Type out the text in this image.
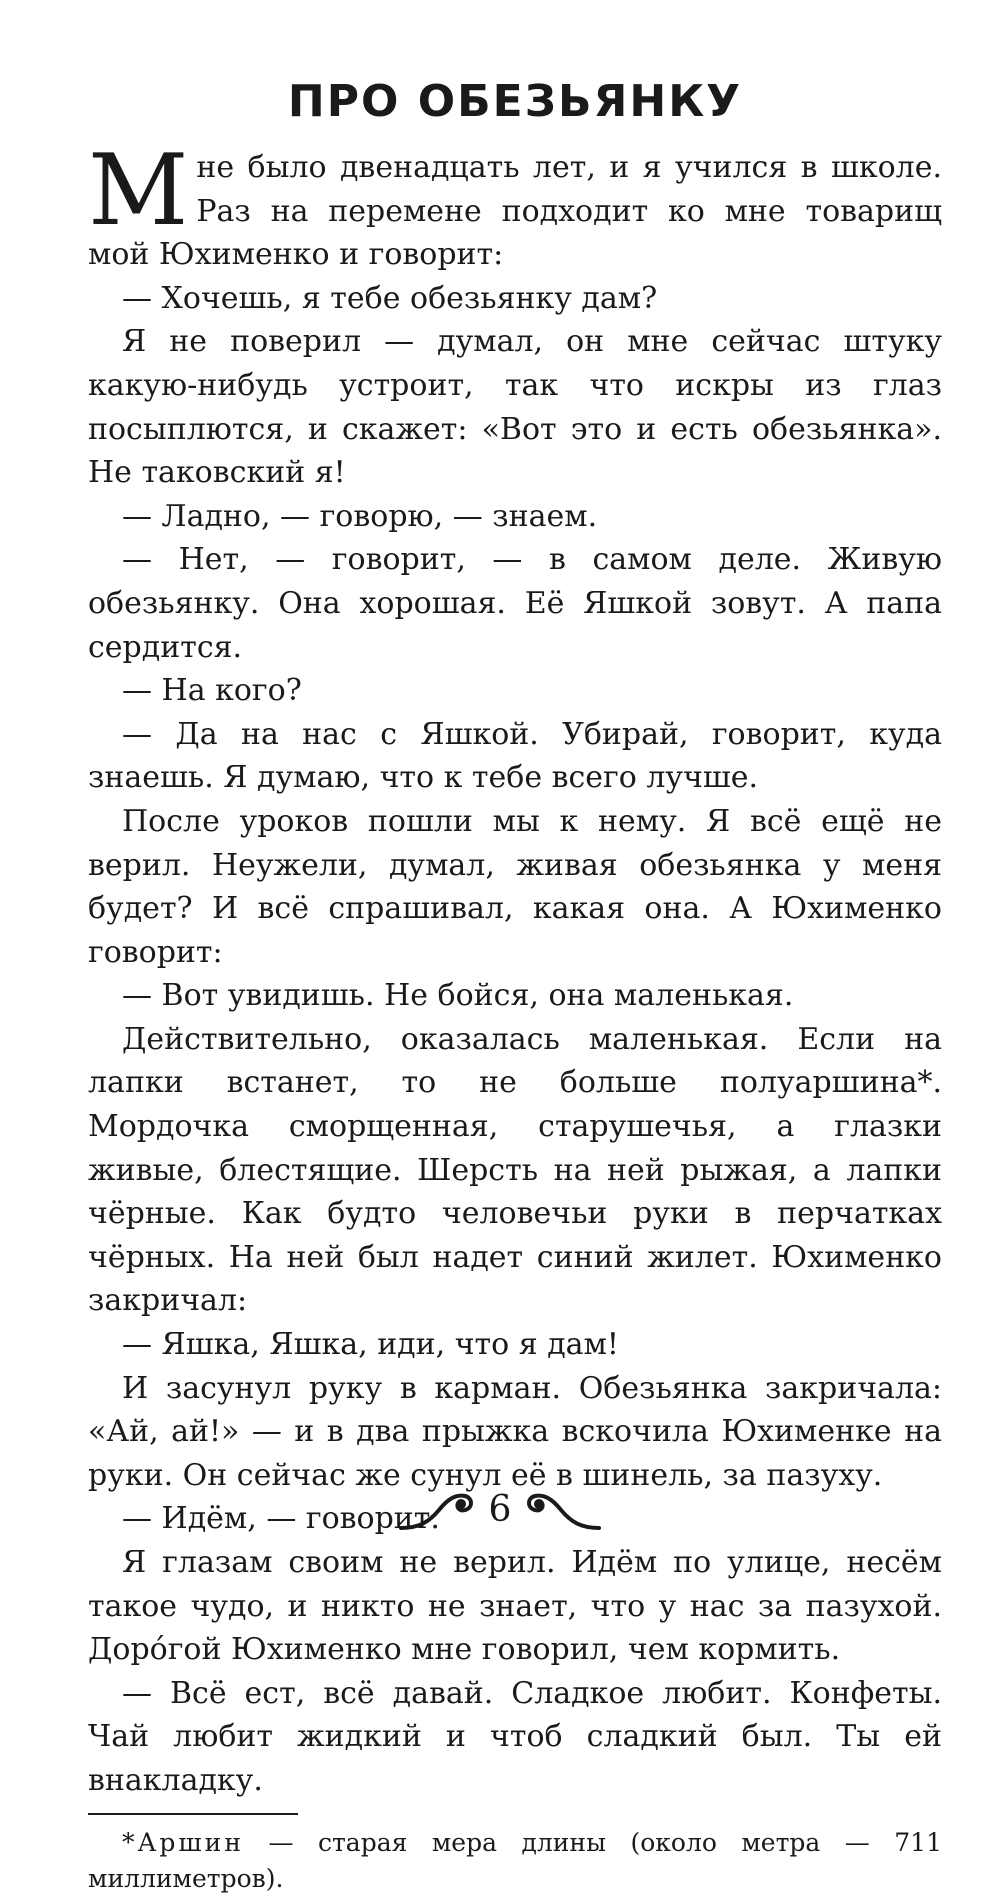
ПРО ОБЕЗЬЯНКУ

Мне было двенадцать лет, и я учился в школе. Раз на перемене подходит ко мне товарищ мой Юхименко и говорит:

— Хочешь, я тебе обезьянку дам?

Я не поверил — думал, он мне сейчас штуку какую-нибудь устроит, так что искры из глаз посыплются, и скажет: «Вот это и есть обезьянка». Не таковский я!

— Ладно, — говорю, — знаем.

— Нет, — говорит, — в самом деле. Живую обезьянку. Она хорошая. Её Яшкой зовут. А папа сердится.

— На кого?

— Да на нас с Яшкой. Убирай, говорит, куда знаешь. Я думаю, что к тебе всего лучше.

После уроков пошли мы к нему. Я всё ещё не верил. Неужели, думал, живая обезьянка у меня будет? И всё спрашивал, какая она. А Юхименко говорит:

— Вот увидишь. Не бойся, она маленькая.

Действительно, оказалась маленькая. Если на лапки встанет, то не больше полуаршина*. Мордочка сморщенная, старушечья, а глазки живые, блестящие. Шерсть на ней рыжая, а лапки чёрные. Как будто человечьи руки в перчатках чёрных. На ней был надет синий жилет. Юхименко закричал:

— Яшка, Яшка, иди, что я дам!

И засунул руку в карман. Обезьянка закричала: «Ай, ай!» — и в два прыжка вскочила Юхименке на руки. Он сейчас же сунул её в шинель, за пазуху.

— Идём, — говорит.

Я глазам своим не верил. Идём по улице, несём такое чудо, и никто не знает, что у нас за пазухой. Дорóгой Юхименко мне говорил, чем кормить.

— Всё ест, всё давай. Сладкое любит. Конфеты. Чай любит жидкий и чтоб сладкий был. Ты ей внакладку.

*Аршин — старая мера длины (около метра — 711 миллиметров).

6
